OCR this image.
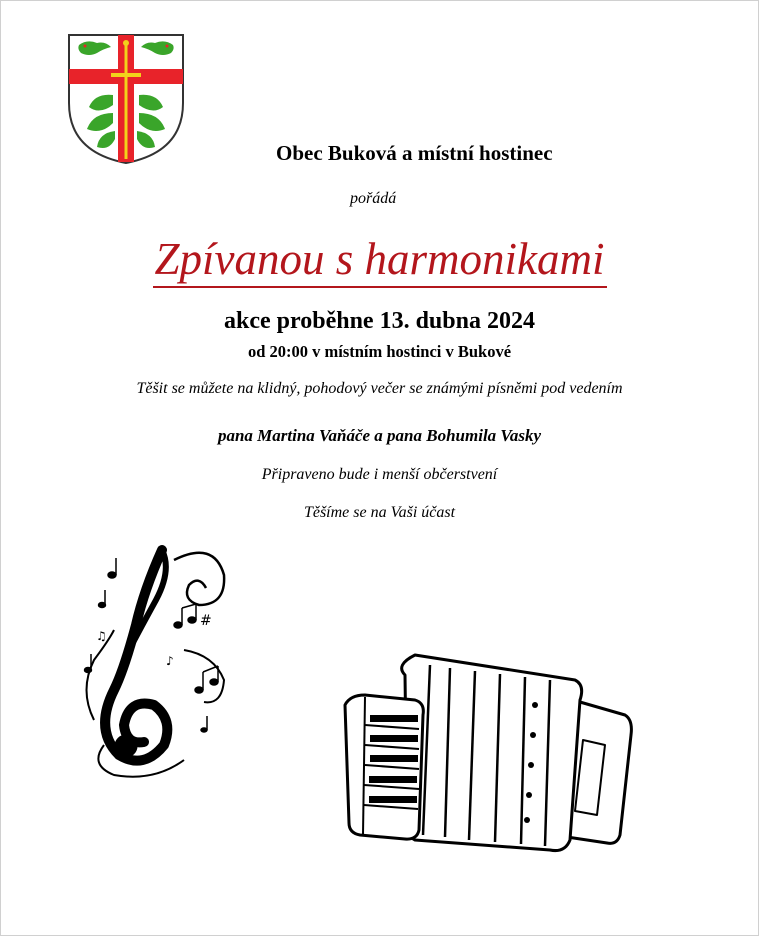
Obec Buková a místní hostinec
pořádá
Zpívanou s harmonikami
akce proběhne 13. dubna 2024
od 20:00 v místním hostinci v Bukové
Těšit se můžete na klidný, pohodový večer se známými písněmi pod vedením
pana Martina Vaňáče a pana Bohumila Vasky
Připraveno bude i menší občerstvení
Těšíme se na Vaši účast
#
♪
♫
